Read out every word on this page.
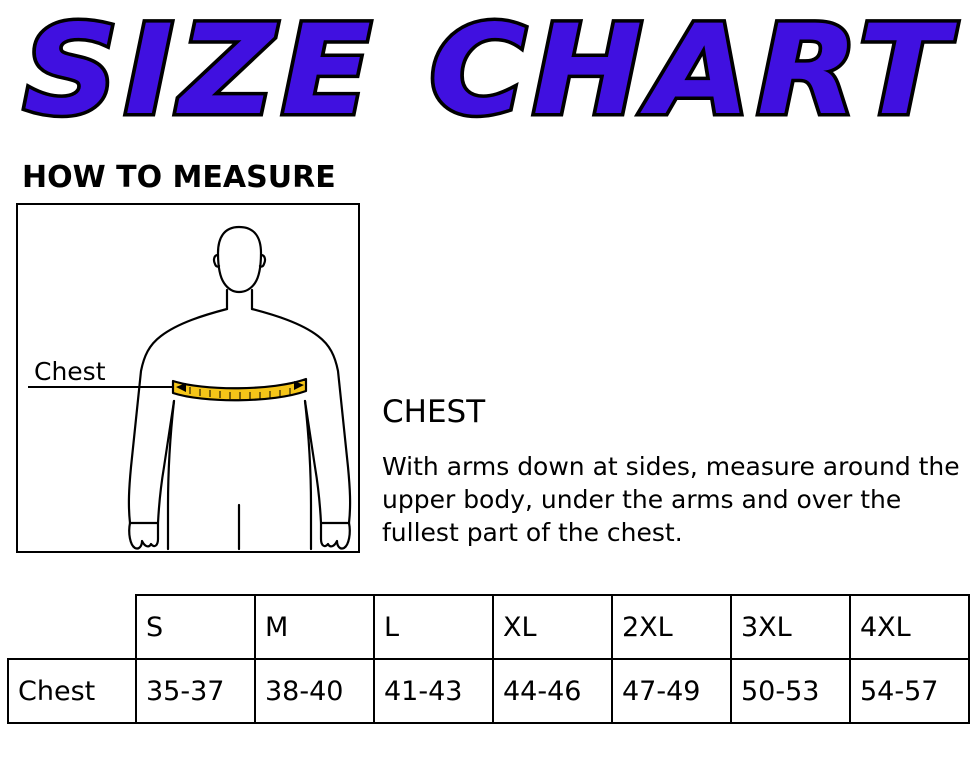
SIZE CHART
HOW TO MEASURE
Chest
CHEST
With arms down at sides, measure around the upper body, under the arms and over the fullest part of the chest.
	S	M	L	XL	2XL	3XL	4XL
Chest	35-37	38-40	41-43	44-46	47-49	50-53	54-57
